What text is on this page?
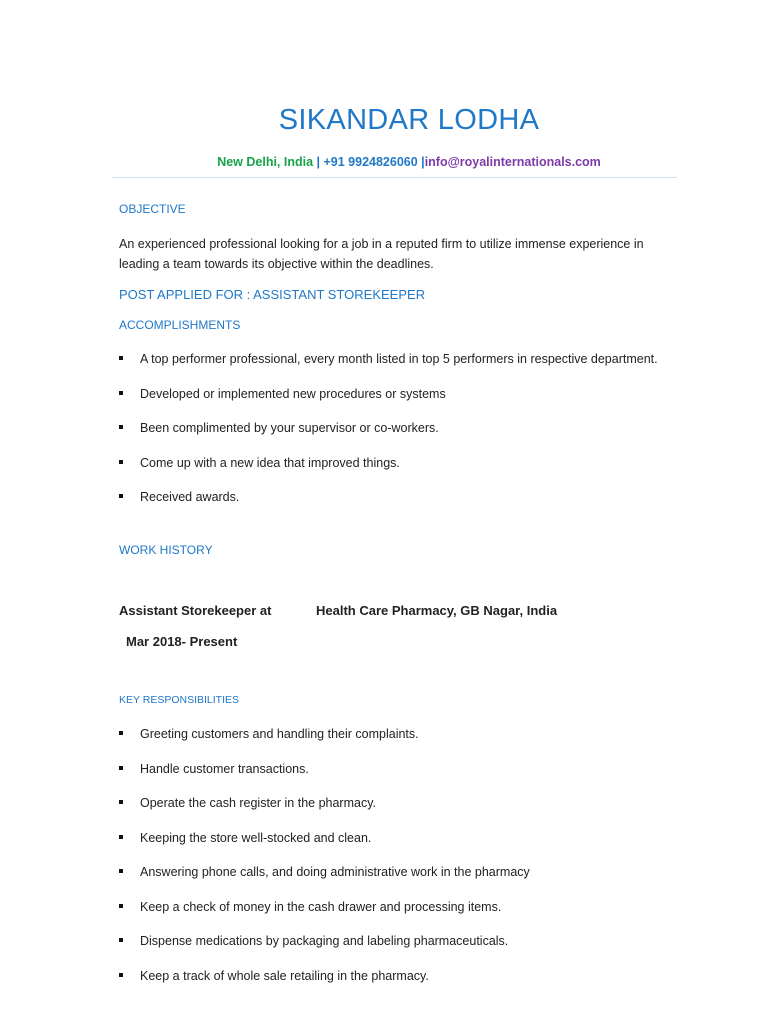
SIKANDAR LODHA
New Delhi, India | +91 9924826060 |info@royalinternationals.com
OBJECTIVE
An experienced professional looking for a job in a reputed firm to utilize immense experience in leading a team towards its objective within the deadlines.
POST APPLIED FOR : ASSISTANT STOREKEEPER
ACCOMPLISHMENTS
A top performer professional, every month listed in top 5 performers in respective department.
Developed or implemented new procedures or systems
Been complimented by your supervisor or co-workers.
Come up with a new idea that improved things.
Received awards.
WORK HISTORY
Assistant Storekeeper at	Health Care Pharmacy, GB Nagar, India
Mar 2018- Present
KEY RESPONSIBILITIES
Greeting customers and handling their complaints.
Handle customer transactions.
Operate the cash register in the pharmacy.
Keeping the store well-stocked and clean.
Answering phone calls, and doing administrative work in the pharmacy
Keep a check of money in the cash drawer and processing items.
Dispense medications by packaging and labeling pharmaceuticals.
Keep a track of whole sale retailing in the pharmacy.
